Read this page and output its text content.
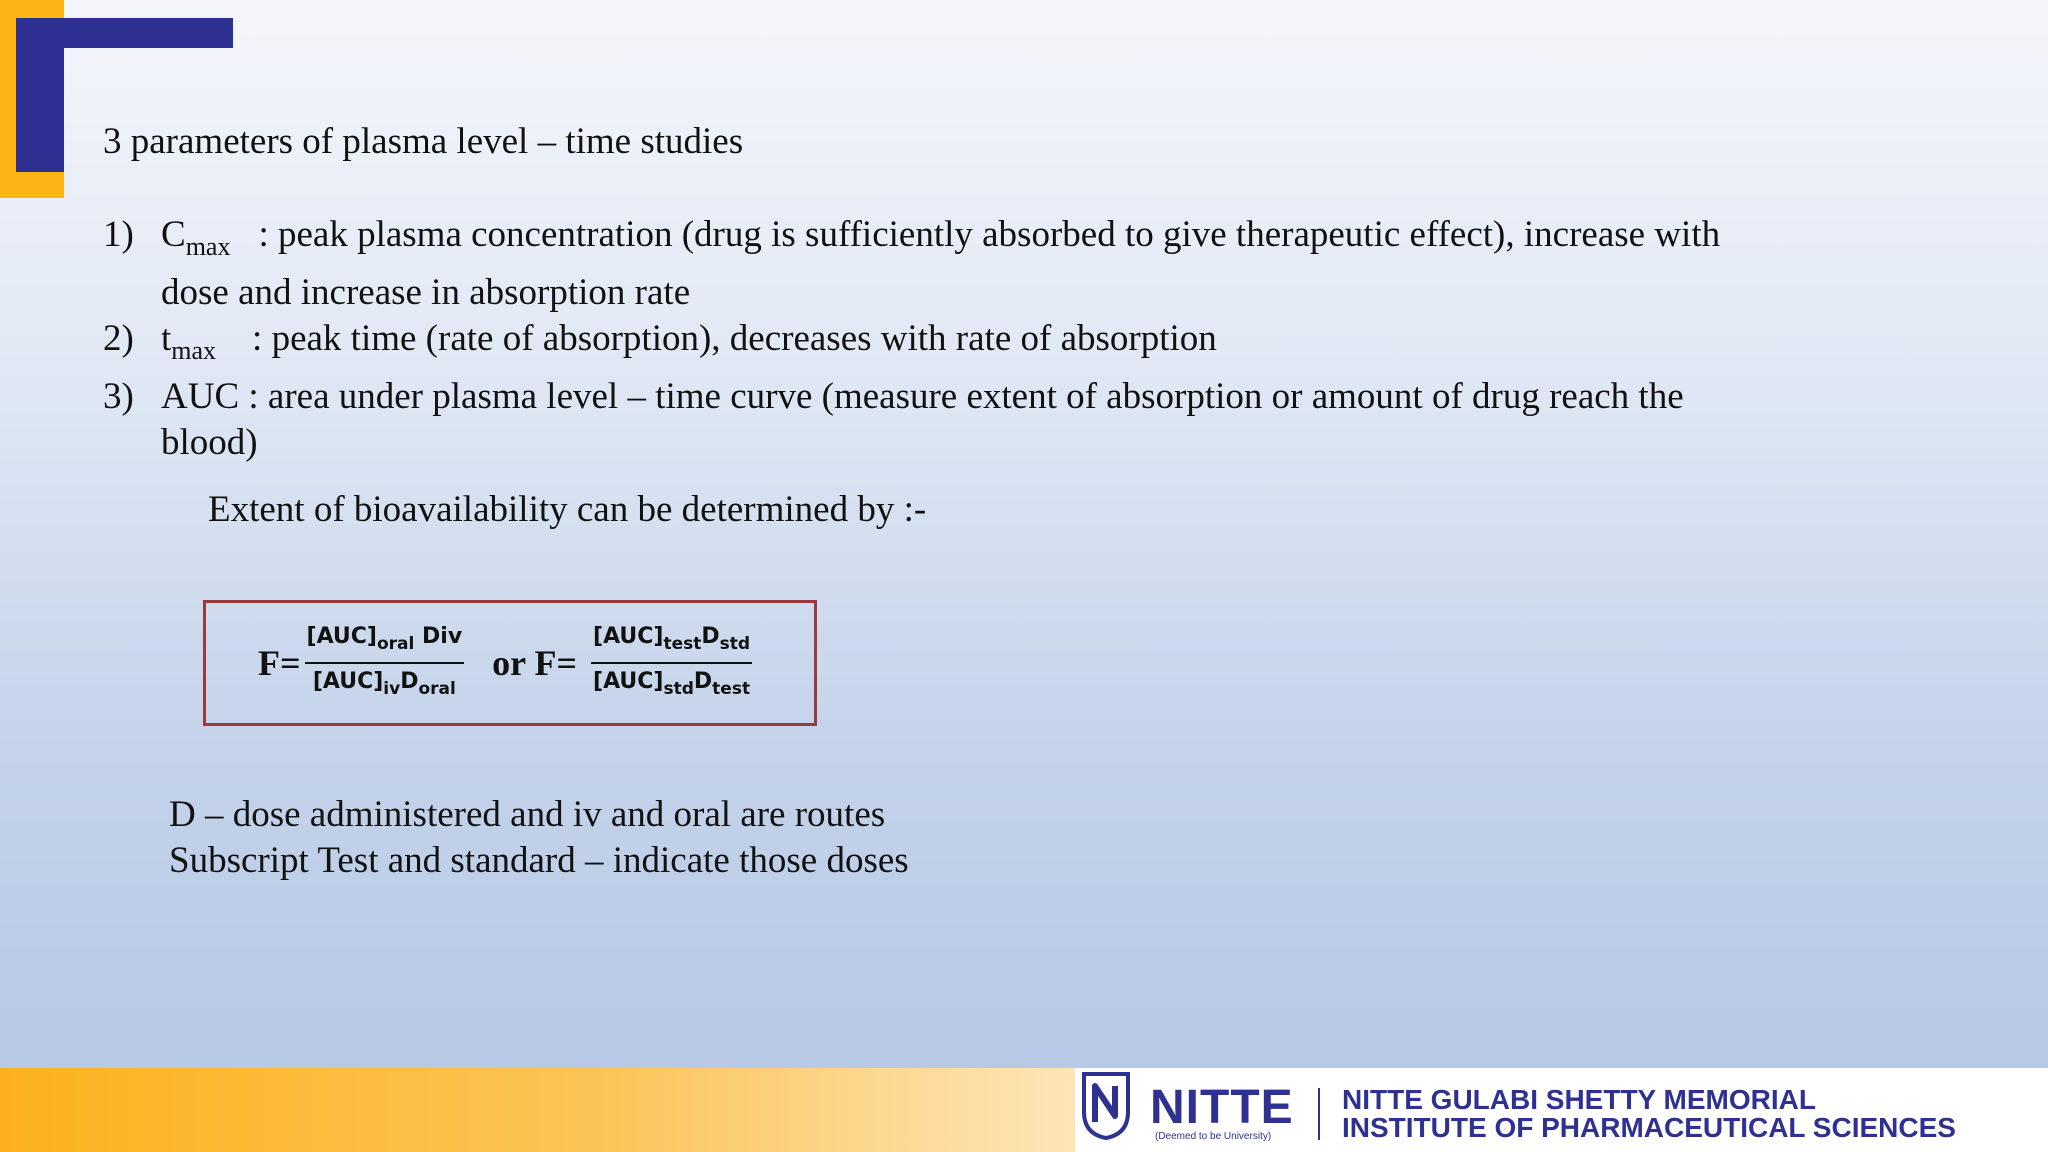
3 parameters of plasma level – time studies
1) $C_{max}$ : peak plasma concentration (drug is sufficiently absorbed to give therapeutic effect), increase with
dose and increase in absorption rate
2) $t_{max}$ : peak time (rate of absorption), decreases with rate of absorption
3) AUC : area under plasma level – time curve (measure extent of absorption or amount of drug reach the
blood)
Extent of bioavailability can be determined by :-
$F= \frac{[AUC]_{oral} Div}{[AUC]_{iv}D_{oral}}$ or $F= \frac{[AUC]_{test}D_{std}}{[AUC]_{std}D_{test}}$
D – dose administered and iv and oral are routes
Subscript Test and standard – indicate those doses
NITTE
(Deemed to be University)
NITTE GULABI SHETTY MEMORIAL
INSTITUTE OF PHARMACEUTICAL SCIENCES
